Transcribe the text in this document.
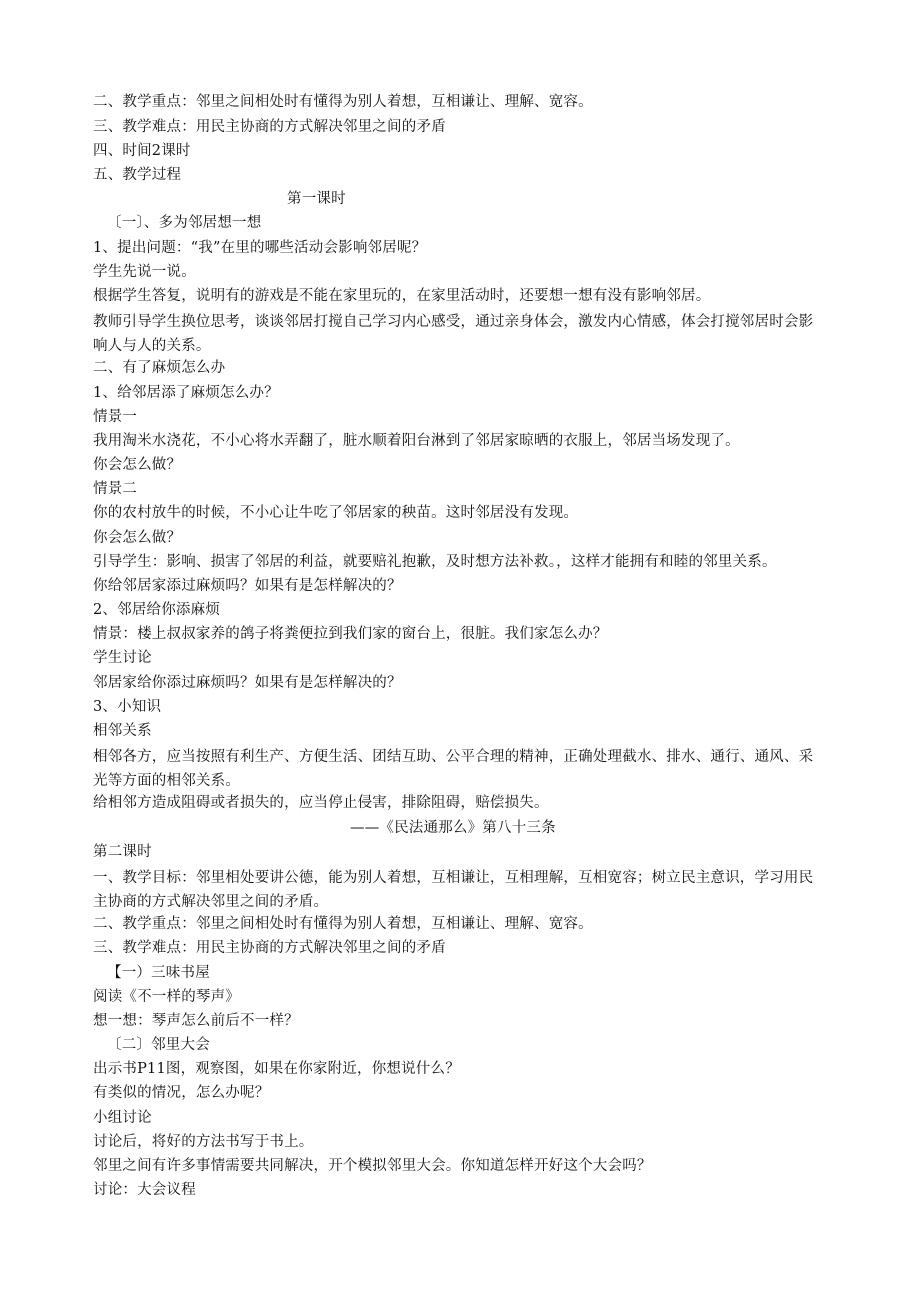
二、教学重点：邻里之间相处时有懂得为别人着想，互相谦让、理解、宽容。
三、教学难点：用民主协商的方式解决邻里之间的矛盾
四、时间2课时
五、教学过程
第一课时
〔一〕、多为邻居想一想
1、提出问题：“我”在里的哪些活动会影响邻居呢？
学生先说一说。
根据学生答复，说明有的游戏是不能在家里玩的，在家里活动时，还要想一想有没有影响邻居。
教师引导学生换位思考，谈谈邻居打搅自己学习内心感受，通过亲身体会，激发内心情感，体会打搅邻居时会影响人与人的关系。
二、有了麻烦怎么办
1、给邻居添了麻烦怎么办？
情景一
我用淘米水浇花，不小心将水弄翻了，脏水顺着阳台淋到了邻居家晾晒的衣服上，邻居当场发现了。
你会怎么做？
情景二
你的农村放牛的时候，不小心让牛吃了邻居家的秧苗。这时邻居没有发现。
你会怎么做？
引导学生：影响、损害了邻居的利益，就要赔礼抱歉，及时想方法补救。，这样才能拥有和睦的邻里关系。
你给邻居家添过麻烦吗？如果有是怎样解决的？
2、邻居给你添麻烦
情景：楼上叔叔家养的鸽子将粪便拉到我们家的窗台上，很脏。我们家怎么办？
学生讨论
邻居家给你添过麻烦吗？如果有是怎样解决的？
3、小知识
相邻关系
相邻各方，应当按照有利生产、方便生活、团结互助、公平合理的精神，正确处理截水、排水、通行、通风、采光等方面的相邻关系。
给相邻方造成阻碍或者损失的，应当停止侵害，排除阻碍，赔偿损失。
——《民法通那么》第八十三条
第二课时
一、教学目标：邻里相处要讲公德，能为别人着想，互相谦让，互相理解，互相宽容；树立民主意识，学习用民主协商的方式解决邻里之间的矛盾。
二、教学重点：邻里之间相处时有懂得为别人着想，互相谦让、理解、宽容。
三、教学难点：用民主协商的方式解决邻里之间的矛盾
【一）三味书屋
阅读《不一样的琴声》
想一想：琴声怎么前后不一样？
〔二〕邻里大会
出示书P11图，观察图，如果在你家附近，你想说什么？
有类似的情况，怎么办呢？
小组讨论
讨论后，将好的方法书写于书上。
邻里之间有许多事情需要共同解决，开个模拟邻里大会。你知道怎样开好这个大会吗？
讨论：大会议程
